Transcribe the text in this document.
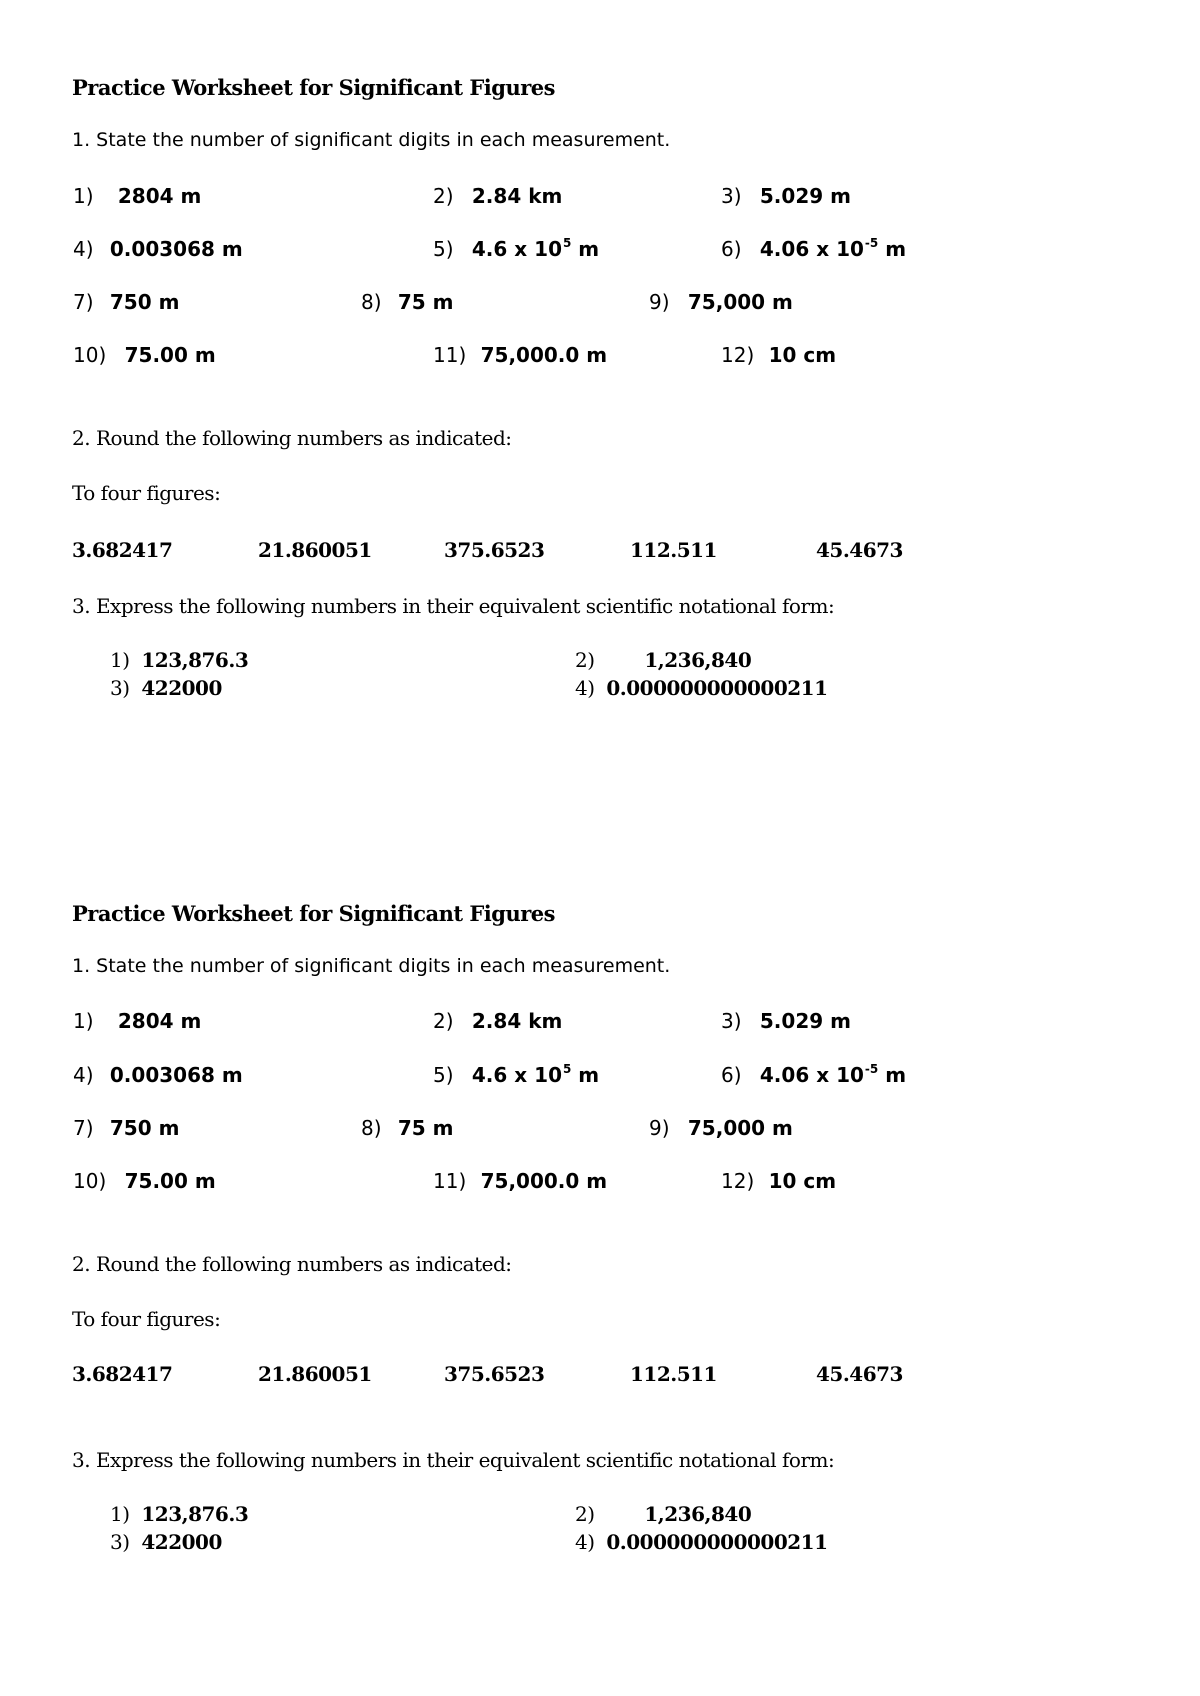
Practice Worksheet for Significant Figures
1. State the number of significant digits in each measurement.
1) 2804 m	2) 2.84 km	3) 5.029 m
4) 0.003068 m	5) 4.6 x $10^5$ m	6) 4.06 x $10^{-5}$ m
7) 750 m	8) 75 m	9) 75,000 m
10) 75.00 m	11) 75,000.0 m	12) 10 cm
2. Round the following numbers as indicated:
To four figures:
3.682417	21.860051	375.6523	112.511	45.4673
3. Express the following numbers in their equivalent scientific notational form:
1) 123,876.3	2) 1,236,840
3) 422000	4) 0.000000000000211
Practice Worksheet for Significant Figures
1. State the number of significant digits in each measurement.
1) 2804 m	2) 2.84 km	3) 5.029 m
4) 0.003068 m	5) 4.6 x $10^5$ m	6) 4.06 x $10^{-5}$ m
7) 750 m	8) 75 m	9) 75,000 m
10) 75.00 m	11) 75,000.0 m	12) 10 cm
2. Round the following numbers as indicated:
To four figures:
3.682417	21.860051	375.6523	112.511	45.4673
3. Express the following numbers in their equivalent scientific notational form:
1) 123,876.3	2) 1,236,840
3) 422000	4) 0.000000000000211
